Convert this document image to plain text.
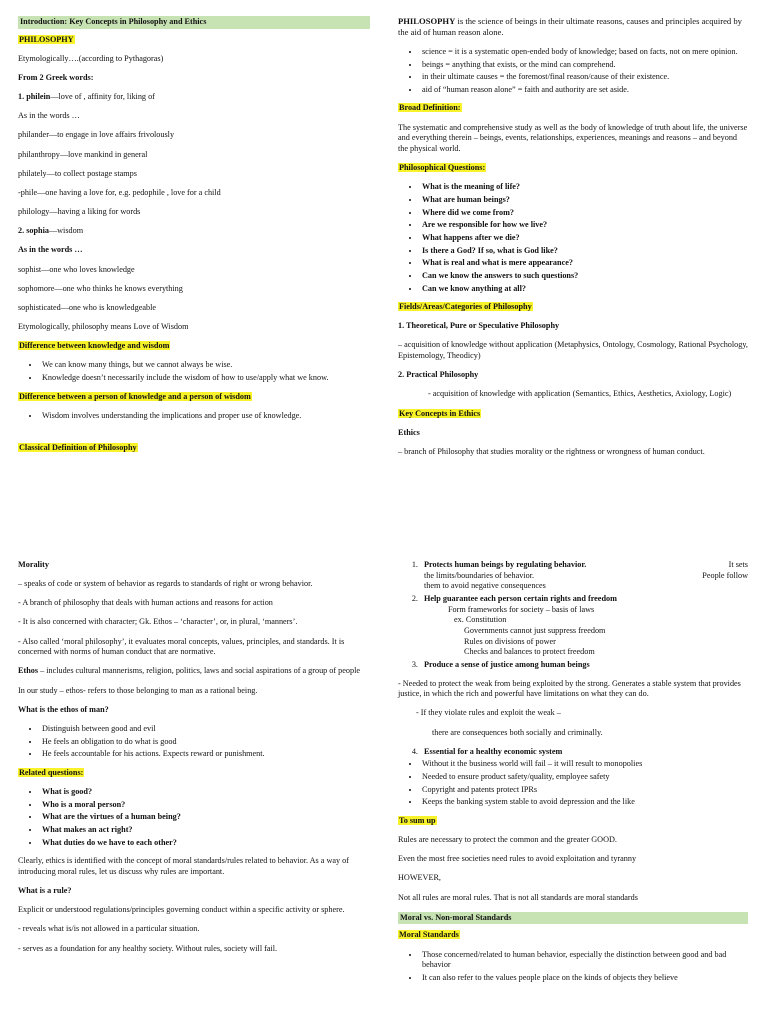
Introduction: Key Concepts in Philosophy and Ethics

PHILOSOPHY

Etymologically….(according to Pythagoras)

From 2 Greek words:

1. philein—love of , affinity for, liking of

As in the words …

philander—to engage in love affairs frivolously

philanthropy—love mankind in general

philately—to collect postage stamps

-phile—one having a love for, e.g. pedophile , love for a child

philology—having a liking for words

2. sophia—wisdom

As in the words …

sophist—one who loves knowledge

sophomore—one who thinks he knows everything

sophisticated—one who is knowledgeable

Etymologically, philosophy means Love of Wisdom

Difference between knowledge and wisdom

• We can know many things, but we cannot always be wise.
• Knowledge doesn’t necessarily include the wisdom of how to use/apply what we know.

Difference between a person of knowledge and a person of wisdom

• Wisdom involves understanding the implications and proper use of knowledge.

Classical Definition of Philosophy

PHILOSOPHY is the science of beings in their ultimate reasons, causes and principles acquired by the aid of human reason alone.

• science = it is a systematic open-ended body of knowledge; based on facts, not on mere opinion.
• beings = anything that exists, or the mind can comprehend.
• in their ultimate causes = the foremost/final reason/cause of their existence.
• aid of “human reason alone” = faith and authority are set aside.

Broad Definition:

The systematic and comprehensive study as well as the body of knowledge of truth about life, the universe and everything therein – beings, events, relationships, experiences, meanings and reasons – and beyond the physical world.

Philosophical Questions:

• What is the meaning of life?
• What are human beings?
• Where did we come from?
• Are we responsible for how we live?
• What happens after we die?
• Is there a God? If so, what is God like?
• What is real and what is mere appearance?
• Can we know the answers to such questions?
• Can we know anything at all?

Fields/Areas/Categories of Philosophy

1. Theoretical, Pure or Speculative Philosophy

– acquisition of knowledge without application (Metaphysics, Ontology, Cosmology, Rational Psychology, Epistemology, Theodicy)

2. Practical Philosophy

- acquisition of knowledge with application (Semantics, Ethics, Aesthetics, Axiology, Logic)

Key Concepts in Ethics

Ethics

– branch of Philosophy that studies morality or the rightness or wrongness of human conduct.

Morality

– speaks of code or system of behavior as regards to standards of right or wrong behavior.

- A branch of philosophy that deals with human actions and reasons for action

- It is also concerned with character; Gk. Ethos – ‘character’, or, in plural, ‘manners’.

- Also called ‘moral philosophy’, it evaluates moral concepts, values, principles, and standards. It is concerned with norms of human conduct that are normative.

Ethos – includes cultural mannerisms, religion, politics, laws and social aspirations of a group of people

In our study – ethos- refers to those belonging to man as a rational being.

What is the ethos of man?

• Distinguish between good and evil
• He feels an obligation to do what is good
• He feels accountable for his actions. Expects reward or punishment.

Related questions:

• What is good?
• Who is a moral person?
• What are the virtues of a human being?
• What makes an act right?
• What duties do we have to each other?

Clearly, ethics is identified with the concept of moral standards/rules related to behavior. As a way of introducing moral rules, let us discuss why rules are important.

What is a rule?

Explicit or understood regulations/principles governing conduct within a specific activity or sphere.

- reveals what is/is not allowed in a particular situation.

- serves as a foundation for any healthy society. Without rules, society will fail.

1. Protects human beings by regulating behavior.	It sets
the limits/boundaries of behavior.	People follow
them to avoid negative consequences
2. Help guarantee each person certain rights and freedom
Form frameworks for society – basis of laws
ex. Constitution
Governments cannot just suppress freedom
Rules on divisions of power
Checks and balances to protect freedom
3. Produce a sense of justice among human beings

- Needed to protect the weak from being exploited by the strong. Generates a stable system that provides justice, in which the rich and powerful have limitations on what they can do.

- If they violate rules and exploit the weak –

there are consequences both socially and criminally.

4. Essential for a healthy economic system
• Without it the business world will fail – it will result to monopolies
• Needed to ensure product safety/quality, employee safety
• Copyright and patents protect IPRs
• Keeps the banking system stable to avoid depression and the like

To sum up

Rules are necessary to protect the common and the greater GOOD.

Even the most free societies need rules to avoid exploitation and tyranny

HOWEVER,

Not all rules are moral rules. That is not all standards are moral standards

Moral vs. Non-moral Standards

Moral Standards

• Those concerned/related to human behavior, especially the distinction between good and bad behavior
• It can also refer to the values people place on the kinds of objects they believe
